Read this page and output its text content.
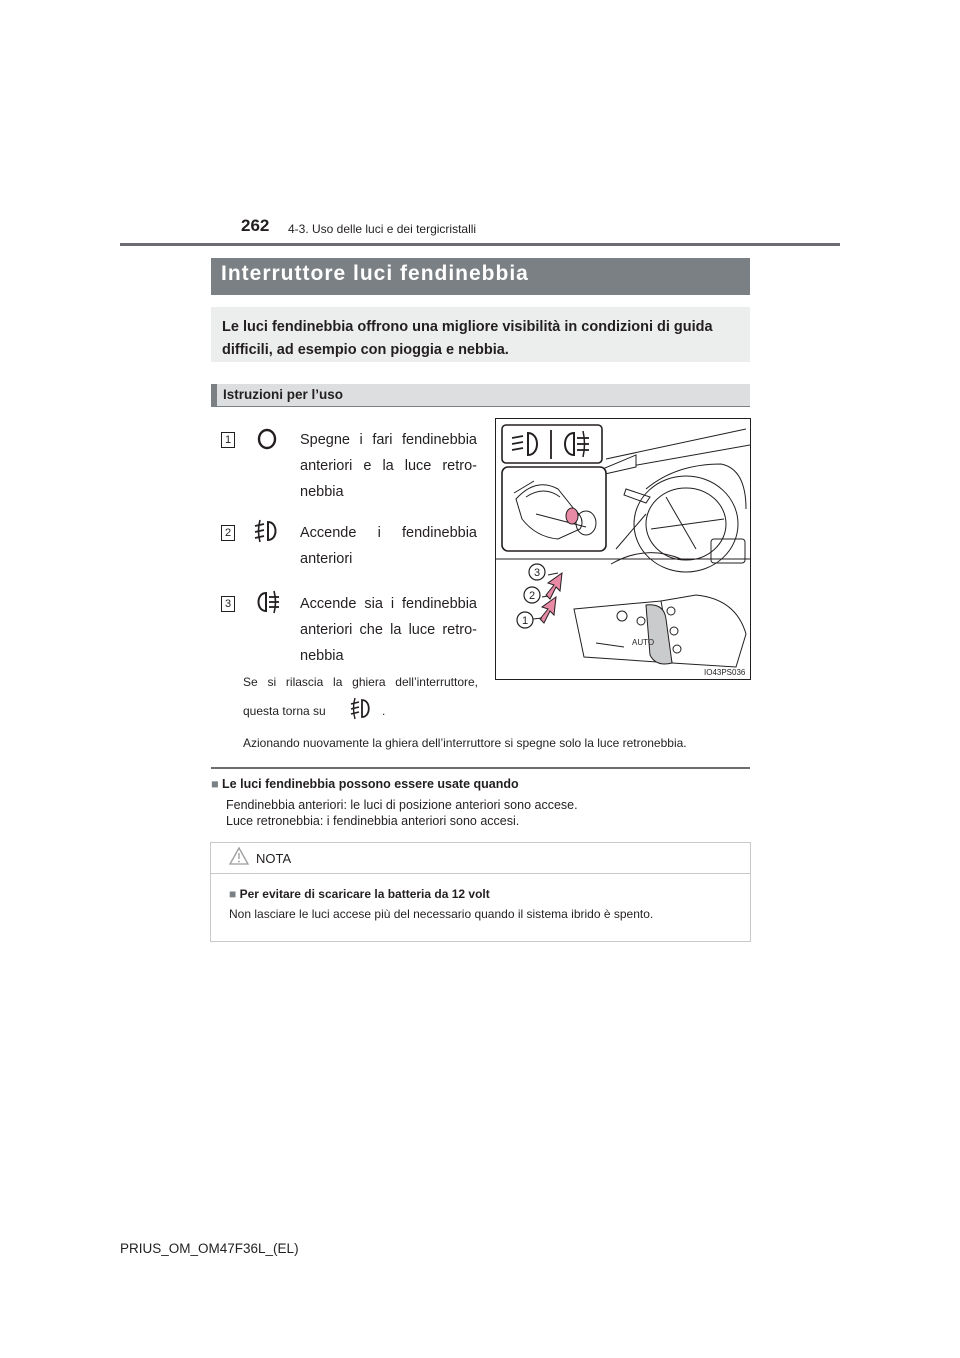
262 4-3. Uso delle luci e dei tergicristalli
Interruttore luci fendinebbia
Le luci fendinebbia offrono una migliore visibilità in condizioni di guida difficili, ad esempio con pioggia e nebbia.
Istruzioni per l’uso
1	Spegne i fari fendinebbia anteriori e la luce retro-nebbia
2	Accende i fendinebbia anteriori
3	Accende sia i fendinebbia anteriori che la luce retro-nebbia
Se si rilascia la ghiera dell’interruttore,
questa torna su	.
Azionando nuovamente la ghiera dell’interruttore si spegne solo la luce retronebbia.
AUTO
1
2
3
IO43PS036
■ Le luci fendinebbia possono essere usate quando
Fendinebbia anteriori: le luci di posizione anteriori sono accese.
Luce retronebbia: i fendinebbia anteriori sono accesi.
NOTA
■ Per evitare di scaricare la batteria da 12 volt
Non lasciare le luci accese più del necessario quando il sistema ibrido è spento.
PRIUS_OM_OM47F36L_(EL)
